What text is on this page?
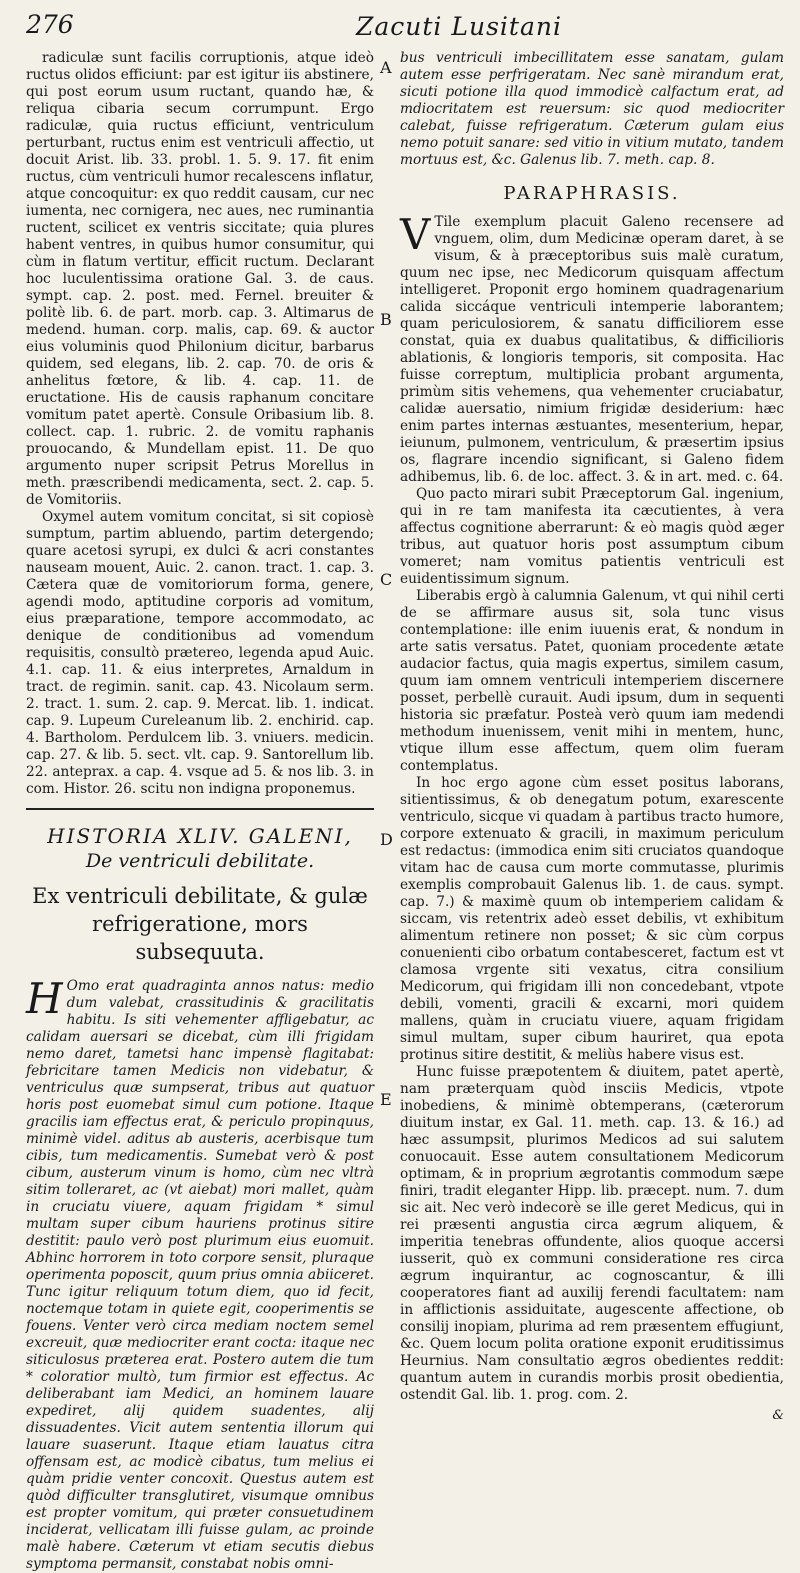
276	Zacuti Lusitani

radiculæ sunt facilis corruptionis, atque ideò ructus olidos efficiunt: par est igitur iis abstinere, qui post eorum usum ructant, quando hæ, & reliqua cibaria secum corrumpunt. Ergo radiculæ, quia ructus efficiunt, ventriculum perturbant, ructus enim est ventriculi affectio, ut docuit Arist. lib. 33. probl. 1. 5. 9. 17. fit enim ructus, cùm ventriculi humor recalescens inflatur, atque concoquitur: ex quo reddit causam, cur nec iumenta, nec cornigera, nec aues, nec ruminantia ructent, scilicet ex ventris siccitate; quia plures habent ventres, in quibus humor consumitur, qui cùm in flatum vertitur, efficit ructum. Declarant hoc luculentissima oratione Gal. 3. de caus. sympt. cap. 2. post. med. Fernel. breuiter & politè lib. 6. de part. morb. cap. 3. Altimarus de medend. human. corp. malis, cap. 69. & auctor eius voluminis quod Philonium dicitur, barbarus quidem, sed elegans, lib. 2. cap. 70. de oris & anhelitus fœtore, & lib. 4. cap. 11. de eructatione. His de causis raphanum concitare vomitum patet apertè. Consule Oribasium lib. 8. collect. cap. 1. rubric. 2. de vomitu raphanis prouocando, & Mundellam epist. 11. De quo argumento nuper scripsit Petrus Morellus in meth. præscribendi medicamenta, sect. 2. cap. 5. de Vomitoriis.

Oxymel autem vomitum concitat, si sit copiosè sumptum, partim abluendo, partim detergendo; quare acetosi syrupi, ex dulci & acri constantes nauseam mouent, Auic. 2. canon. tract. 1. cap. 3. Cætera quæ de vomitoriorum forma, genere, agendi modo, aptitudine corporis ad vomitum, eius præparatione, tempore accommodato, ac denique de conditionibus ad vomendum requisitis, consultò prætereo, legenda apud Auic. 4.1. cap. 11. & eius interpretes, Arnaldum in tract. de regimin. sanit. cap. 43. Nicolaum serm. 2. tract. 1. sum. 2. cap. 9. Mercat. lib. 1. indicat. cap. 9. Lupeum Cureleanum lib. 2. enchirid. cap. 4. Bartholom. Perdulcem lib. 3. vniuers. medicin. cap. 27. & lib. 5. sect. vlt. cap. 9. Santorellum lib. 22. anteprax. a cap. 4. vsque ad 5. & nos lib. 3. in com. Histor. 26. scitu non indigna proponemus.

HISTORIA XLIV. GALENI,
De ventriculi debilitate.
Ex ventriculi debilitate, & gulæ refrigeratione, mors subsequuta.

H Omo erat quadraginta annos natus: medio dum valebat, crassitudinis & gracilitatis habitu. Is siti vehementer affligebatur, ac calidam auersari se dicebat, cùm illi frigidam nemo daret, tametsi hanc impensè flagitabat: febricitare tamen Medicis non videbatur, & ventriculus quæ sumpserat, tribus aut quatuor horis post euomebat simul cum potione. Itaque gracilis iam effectus erat, & periculo propinquus, minimè videl. aditus ab austeris, acerbisque tum cibis, tum medicamentis. Sumebat verò & post cibum, austerum vinum is homo, cùm nec vltrà sitim tolleraret, ac (vt aiebat) mori mallet, quàm in cruciatu viuere, aquam frigidam * simul multam super cibum hauriens protinus sitire destitit: paulo verò post plurimum eius euomuit. Abhinc horrorem in toto corpore sensit, pluraque operimenta poposcit, quum prius omnia abiiceret. Tunc igitur reliquum totum diem, quo id fecit, noctemque totam in quiete egit, cooperimentis se fouens. Venter verò circa mediam noctem semel excreuit, quæ mediocriter erant cocta: itaque nec siticulosus præterea erat. Postero autem die tum * coloratior multò, tum firmior est effectus. Ac deliberabant iam Medici, an hominem lauare expediret, alij quidem suadentes, alij dissuadentes. Vicit autem sententia illorum qui lauare suaserunt. Itaque etiam lauatus citra offensam est, ac modicè cibatus, tum melius ei quàm pridie venter concoxit. Questus autem est quòd difficulter transglutiret, visumque omnibus est propter vomitum, qui præter consuetudinem inciderat, vellicatam illi fuisse gulam, ac proinde malè habere. Cæterum vt etiam secutis diebus symptoma permansit, constabat nobis omni-

A
B
C
D
E

bus ventriculi imbecillitatem esse sanatam, gulam autem esse perfrigeratam. Nec sanè mirandum erat, sicuti potione illa quod immodicè calfactum erat, ad mdiocritatem est reuersum: sic quod mediocriter calebat, fuisse refrigeratum. Cæterum gulam eius nemo potuit sanare: sed vitio in vitium mutato, tandem mortuus est, &c. Galenus lib. 7. meth. cap. 8.

PARAPHRASIS.

V Tile exemplum placuit Galeno recensere ad vnguem, olim, dum Medicinæ operam daret, à se visum, & à præceptoribus suis malè curatum, quum nec ipse, nec Medicorum quisquam affectum intelligeret. Proponit ergo hominem quadragenarium calida siccáque ventriculi intemperie laborantem; quam periculosiorem, & sanatu difficiliorem esse constat, quia ex duabus qualitatibus, & difficilioris ablationis, & longioris temporis, sit composita. Hac fuisse correptum, multiplicia probant argumenta, primùm sitis vehemens, qua vehementer cruciabatur, calidæ auersatio, nimium frigidæ desiderium: hæc enim partes internas æstuantes, mesenterium, hepar, ieiunum, pulmonem, ventriculum, & præsertim ipsius os, flagrare incendio significant, si Galeno fidem adhibemus, lib. 6. de loc. affect. 3. & in art. med. c. 64.

Quo pacto mirari subit Præceptorum Gal. ingenium, qui in re tam manifesta ita cæcutientes, à vera affectus cognitione aberrarunt: & eò magis quòd æger tribus, aut quatuor horis post assumptum cibum vomeret; nam vomitus patientis ventriculi est euidentissimum signum.

Liberabis ergò à calumnia Galenum, vt qui nihil certi de se affirmare ausus sit, sola tunc visus contemplatione: ille enim iuuenis erat, & nondum in arte satis versatus. Patet, quoniam procedente ætate audacior factus, quia magis expertus, similem casum, quum iam omnem ventriculi intemperiem discernere posset, perbellè curauit. Audi ipsum, dum in sequenti historia sic præfatur. Posteà verò quum iam medendi methodum inuenissem, venit mihi in mentem, hunc, vtique illum esse affectum, quem olim fueram contemplatus.

In hoc ergo agone cùm esset positus laborans, sitientissimus, & ob denegatum potum, exarescente ventriculo, sicque vi quadam à partibus tracto humore, corpore extenuato & gracili, in maximum periculum est redactus: (immodica enim siti cruciatos quandoque vitam hac de causa cum morte commutasse, plurimis exemplis comprobauit Galenus lib. 1. de caus. sympt. cap. 7.) & maximè quum ob intemperiem calidam & siccam, vis retentrix adeò esset debilis, vt exhibitum alimentum retinere non posset; & sic cùm corpus conuenienti cibo orbatum contabesceret, factum est vt clamosa vrgente siti vexatus, citra consilium Medicorum, qui frigidam illi non concedebant, vtpote debili, vomenti, gracili & excarni, mori quidem mallens, quàm in cruciatu viuere, aquam frigidam simul multam, super cibum hauriret, qua epota protinus sitire destitit, & meliùs habere visus est.

Hunc fuisse præpotentem & diuitem, patet apertè, nam præterquam quòd insciis Medicis, vtpote inobediens, & minimè obtemperans, (cæterorum diuitum instar, ex Gal. 11. meth. cap. 13. & 16.) ad hæc assumpsit, plurimos Medicos ad sui salutem conuocauit. Esse autem consultationem Medicorum optimam, & in proprium ægrotantis commodum sæpe finiri, tradit eleganter Hipp. lib. præcept. num. 7. dum sic ait. Nec verò indecorè se ille geret Medicus, qui in rei præsenti angustia circa ægrum aliquem, & imperitia tenebras offundente, alios quoque accersi iusserit, quò ex communi consideratione res circa ægrum inquirantur, ac cognoscantur, & illi cooperatores fiant ad auxilij ferendi facultatem: nam in afflictionis assiduitate, augescente affectione, ob consilij inopiam, plurima ad rem præsentem effugiunt, &c. Quem locum polita oratione exponit eruditissimus Heurnius. Nam consultatio ægros obedientes reddit: quantum autem in curandis morbis prosit obedientia, ostendit Gal. lib. 1. prog. com. 2.

&
